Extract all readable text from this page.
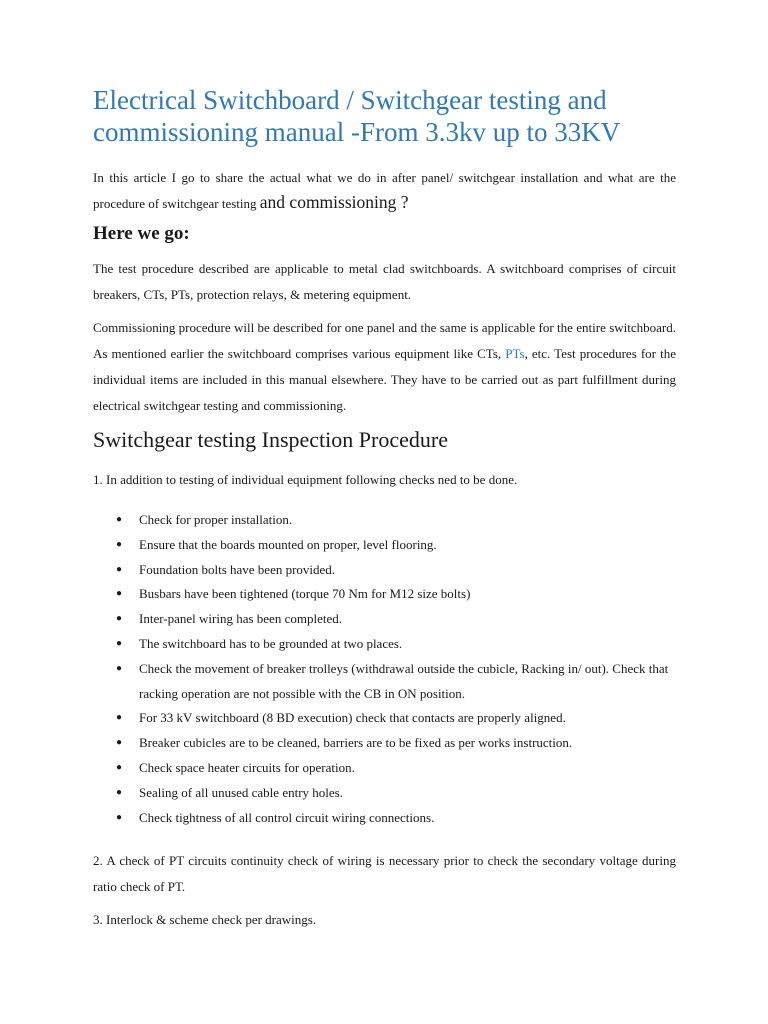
Electrical Switchboard / Switchgear testing and commissioning manual -From 3.3kv up to 33KV

In this article I go to share the actual what we do in after panel/ switchgear installation and what are the procedure of switchgear testing and commissioning ?

Here we go:

The test procedure described are applicable to metal clad switchboards. A switchboard comprises of circuit breakers, CTs, PTs, protection relays, & metering equipment.

Commissioning procedure will be described for one panel and the same is applicable for the entire switchboard. As mentioned earlier the switchboard comprises various equipment like CTs, PTs, etc. Test procedures for the individual items are included in this manual elsewhere. They have to be carried out as part fulfillment during electrical switchgear testing and commissioning.

Switchgear testing Inspection Procedure

1. In addition to testing of individual equipment following checks ned to be done.

● Check for proper installation.
● Ensure that the boards mounted on proper, level flooring.
● Foundation bolts have been provided.
● Busbars have been tightened (torque 70 Nm for M12 size bolts)
● Inter-panel wiring has been completed.
● The switchboard has to be grounded at two places.
● Check the movement of breaker trolleys (withdrawal outside the cubicle, Racking in/ out). Check that racking operation are not possible with the CB in ON position.
● For 33 kV switchboard (8 BD execution) check that contacts are properly aligned.
● Breaker cubicles are to be cleaned, barriers are to be fixed as per works instruction.
● Check space heater circuits for operation.
● Sealing of all unused cable entry holes.
● Check tightness of all control circuit wiring connections.

2. A check of PT circuits continuity check of wiring is necessary prior to check the secondary voltage during ratio check of PT.

3. Interlock & scheme check per drawings.
